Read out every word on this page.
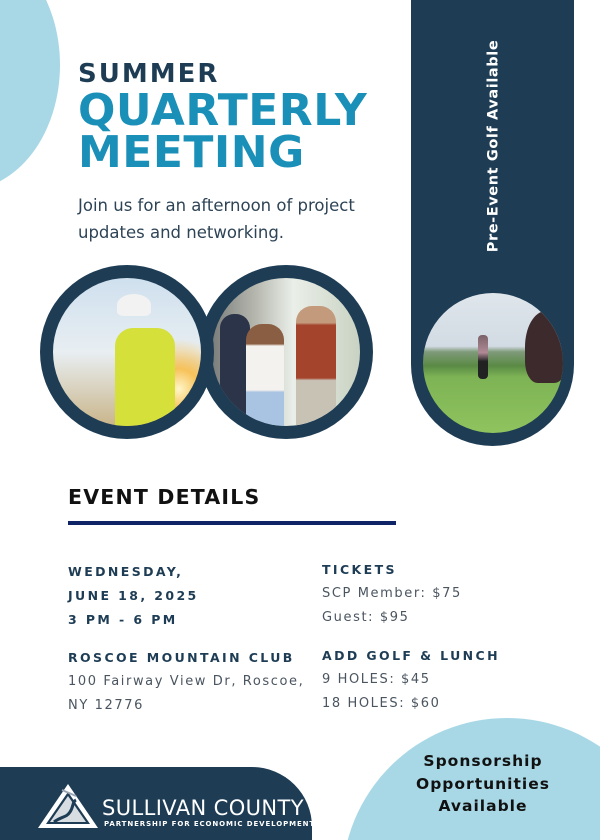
SUMMER
QUARTERLY
MEETING
Join us for an afternoon of project updates and networking.	Pre-Event Golf Available
EVENT DETAILS
WEDNESDAY,
JUNE 18, 2025
3 PM - 6 PM
ROSCOE MOUNTAIN CLUB
100 Fairway View Dr, Roscoe,
NY 12776
TICKETS
SCP Member: $75
Guest: $95
ADD GOLF & LUNCH
9 HOLES: $45
18 HOLES: $60
SULLIVAN COUNTY
PARTNERSHIP FOR ECONOMIC DEVELOPMENT
Sponsorship
Opportunities
Available
